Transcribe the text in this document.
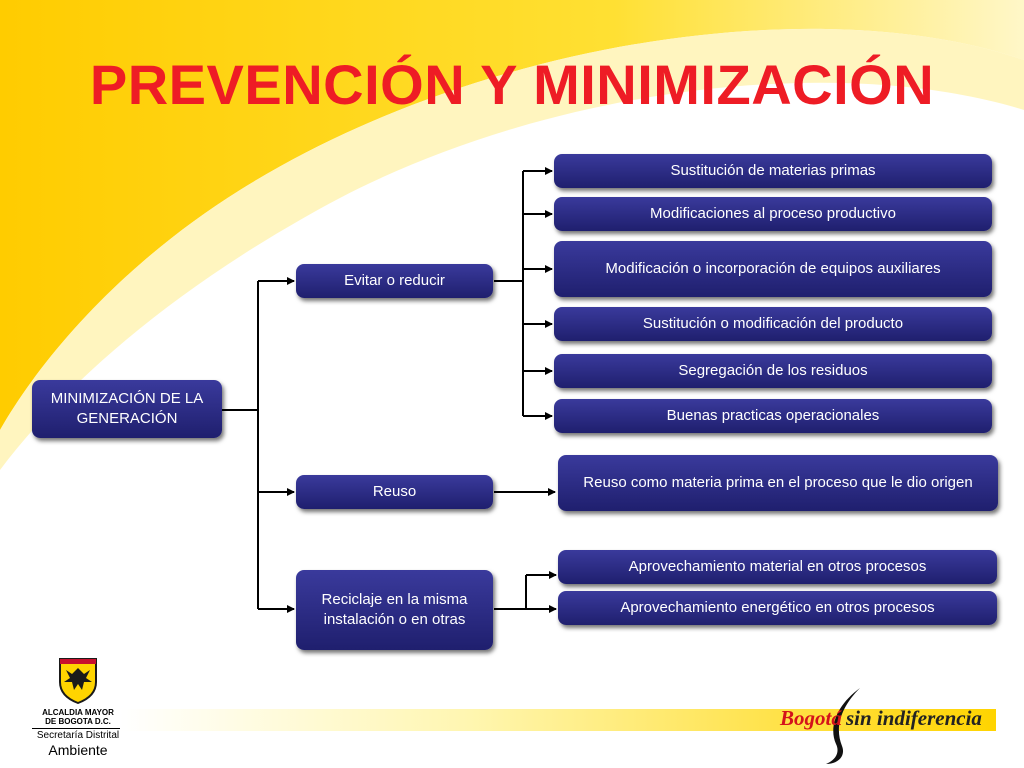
PREVENCIÓN Y MINIMIZACIÓN
MINIMIZACIÓN DE LA GENERACIÓN
Evitar o reducir
Reuso
Reciclaje en la misma instalación o en otras
Sustitución de materias primas
Modificaciones al proceso productivo
Modificación o incorporación de equipos auxiliares
Sustitución o modificación del producto
Segregación de los residuos
Buenas practicas operacionales
Reuso como materia prima en el proceso que le dio origen
Aprovechamiento material en otros procesos
Aprovechamiento energético en otros procesos
ALCALDIA MAYOR
DE BOGOTA D.C.
Secretaría Distrital
Ambiente
Bogotá sin indiferencia
